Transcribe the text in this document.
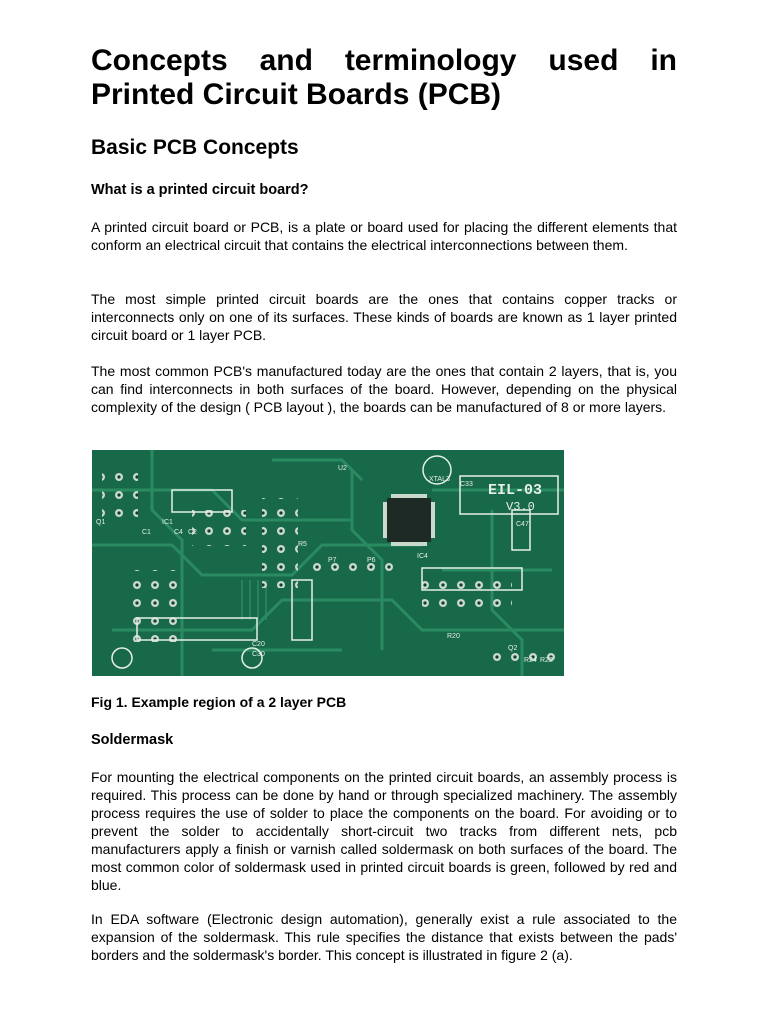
Concepts and terminology used in
Printed Circuit Boards (PCB)
Basic PCB Concepts
What is a printed circuit board?

A printed circuit board or PCB, is a plate or board used for placing the different elements that conform an electrical circuit that contains the electrical interconnections between them.

The most simple printed circuit boards are the ones that contains copper tracks or interconnects only on one of its surfaces. These kinds of boards are known as 1 layer printed circuit board or 1 layer PCB.

The most common PCB's manufactured today are the ones that contain 2 layers, that is, you can find interconnects in both surfaces of the board. However, depending on the physical complexity of the design ( PCB layout ), the boards can be manufactured of 8 or more layers.

EIL-03
V3.0
IC1
IC4
C20
C30
C47
R20
Q1
P6
P7
R5
U2
XTAL3
C33
R24 R22
Q2
C1	C4 C2
Fig 1. Example region of a 2 layer PCB
Soldermask

For mounting the electrical components on the printed circuit boards, an assembly process is required. This process can be done by hand or through specialized machinery. The assembly process requires the use of solder to place the components on the board. For avoiding or to prevent the solder to accidentally short-circuit two tracks from different nets, pcb manufacturers apply a finish or varnish called soldermask on both surfaces of the board. The most common color of soldermask used in printed circuit boards is green, followed by red and blue.

In EDA software (Electronic design automation), generally exist a rule associated to the expansion of the soldermask. This rule specifies the distance that exists between the pads' borders and the soldermask's border. This concept is illustrated in figure 2 (a).
